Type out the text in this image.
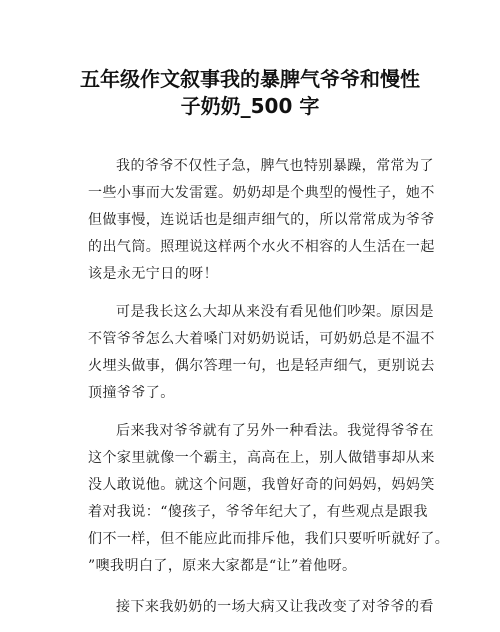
五年级作文叙事我的暴脾气爷爷和慢性
子奶奶_500 字
我的爷爷不仅性子急，脾气也特别暴躁，常常为了
一些小事而大发雷霆。奶奶却是个典型的慢性子，她不
但做事慢，连说话也是细声细气的，所以常常成为爷爷
的出气筒。照理说这样两个水火不相容的人生活在一起
该是永无宁日的呀！
可是我长这么大却从来没有看见他们吵架。原因是
不管爷爷怎么大着嗓门对奶奶说话，可奶奶总是不温不
火埋头做事，偶尔答理一句，也是轻声细气，更别说去
顶撞爷爷了。
后来我对爷爷就有了另外一种看法。我觉得爷爷在
这个家里就像一个霸主，高高在上，别人做错事却从来
没人敢说他。就这个问题，我曾好奇的问妈妈，妈妈笑
着对我说：“傻孩子，爷爷年纪大了，有些观点是跟我
们不一样，但不能应此而排斥他，我们只要听听就好了。
”噢我明白了，原来大家都是“让”着他呀。
接下来我奶奶的一场大病又让我改变了对爷爷的看
